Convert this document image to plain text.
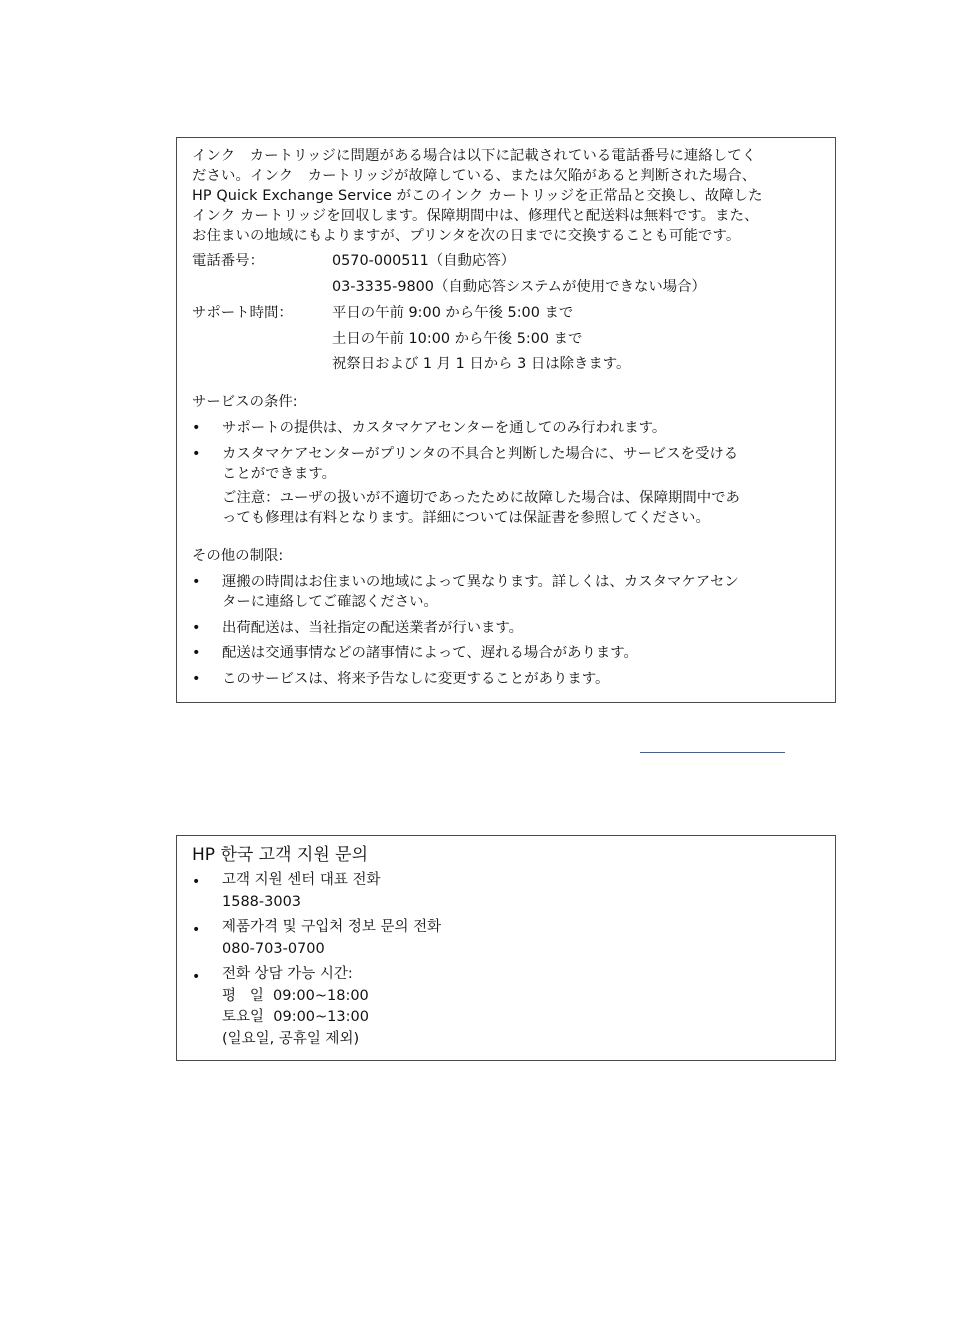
インク　カートリッジに問題がある場合は以下に記載されている電話番号に連絡してく
ださい。インク　カートリッジが故障している、または欠陥があると判断された場合、
HP Quick Exchange Service がこのインク カートリッジを正常品と交換し、故障した
インク カートリッジを回収します。保障期間中は、修理代と配送料は無料です。また、
お住まいの地域にもよりますが、プリンタを次の日までに交換することも可能です。
電話番号：	0570-000511（自動応答）
03-3335-9800（自動応答システムが使用できない場合）
サポート時間：	平日の午前 9:00 から午後 5:00 まで
土日の午前 10:00 から午後 5:00 まで
祝祭日および 1 月 1 日から 3 日は除きます。
サービスの条件:
• サポートの提供は、カスタマケアセンターを通してのみ行われます。
• カスタマケアセンターがプリンタの不具合と判断した場合に、サービスを受ける
ことができます。
ご注意：ユーザの扱いが不適切であったために故障した場合は、保障期間中であ
っても修理は有料となります。詳細については保証書を参照してください。
その他の制限:
• 運搬の時間はお住まいの地域によって異なります。詳しくは、カスタマケアセン
ターに連絡してご確認ください。
• 出荷配送は、当社指定の配送業者が行います。
• 配送は交通事情などの諸事情によって、遅れる場合があります。
• このサービスは、将来予告なしに変更することがあります。
HP 한국 고객 지원 문의
• 고객 지원 센터 대표 전화
1588-3003
• 제품가격 및 구입처 정보 문의 전화
080-703-0700
• 전화 상담 가능 시간:
평   일  09:00~18:00
토요일  09:00~13:00
(일요일, 공휴일 제외)
